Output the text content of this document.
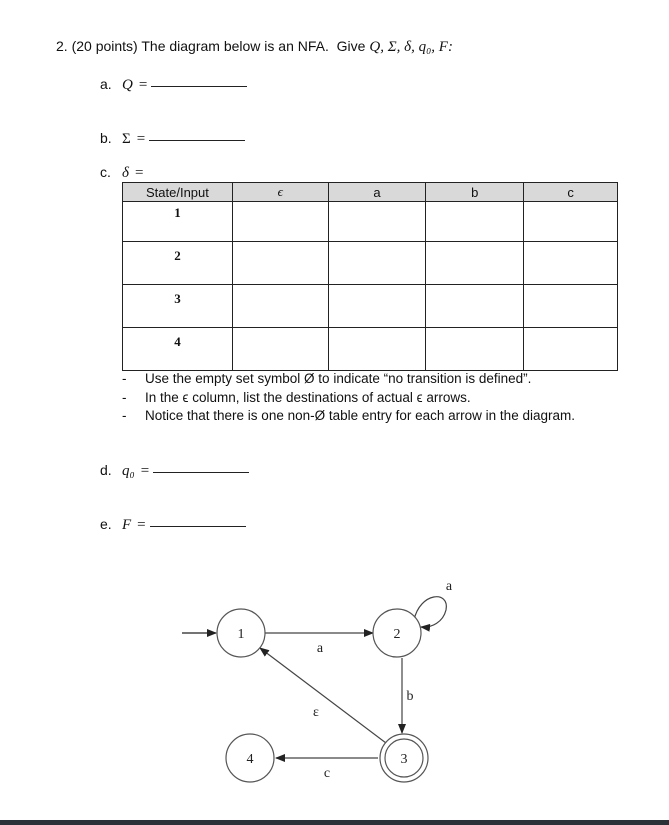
2. (20 points) The diagram below is an NFA.  Give Q, Σ, δ, q₀, F:
a. Q =
b. Σ =
c. δ =
State/Input	ϵ	a	b	c
1				
2				
3				
4				
-	Use the empty set symbol Ø to indicate “no transition is defined”.
-	In the ϵ column, list the destinations of actual ϵ arrows.
-	Notice that there is one non-Ø table entry for each arrow in the diagram.
d. q₀ =
e. F =
1	2
3
4
a
a
b
ε
c
